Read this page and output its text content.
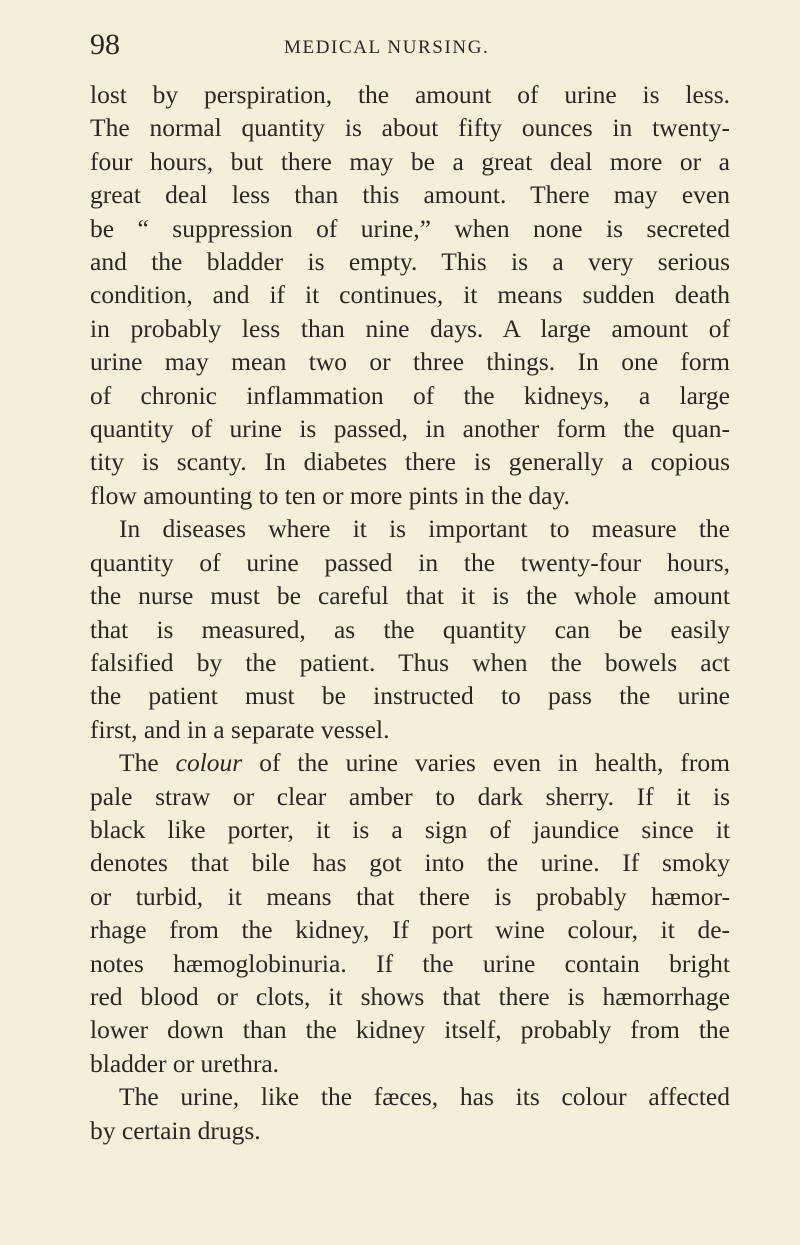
98	MEDICAL NURSING.
lost by perspiration, the amount of urine is less.
The normal quantity is about fifty ounces in twenty-
four hours, but there may be a great deal more or a
great deal less than this amount. There may even
be “ suppression of urine,” when none is secreted
and the bladder is empty. This is a very serious
condition, and if it continues, it means sudden death
in probably less than nine days. A large amount of
urine may mean two or three things. In one form
of chronic inflammation of the kidneys, a large
quantity of urine is passed, in another form the quan-
tity is scanty. In diabetes there is generally a copious
flow amounting to ten or more pints in the day.
In diseases where it is important to measure the
quantity of urine passed in the twenty-four hours,
the nurse must be careful that it is the whole amount
that is measured, as the quantity can be easily
falsified by the patient. Thus when the bowels act
the patient must be instructed to pass the urine
first, and in a separate vessel.
The colour of the urine varies even in health, from
pale straw or clear amber to dark sherry. If it is
black like porter, it is a sign of jaundice since it
denotes that bile has got into the urine. If smoky
or turbid, it means that there is probably hæmor-
rhage from the kidney, If port wine colour, it de-
notes hæmoglobinuria. If the urine contain bright
red blood or clots, it shows that there is hæmorrhage
lower down than the kidney itself, probably from the
bladder or urethra.
The urine, like the fæces, has its colour affected
by certain drugs.
